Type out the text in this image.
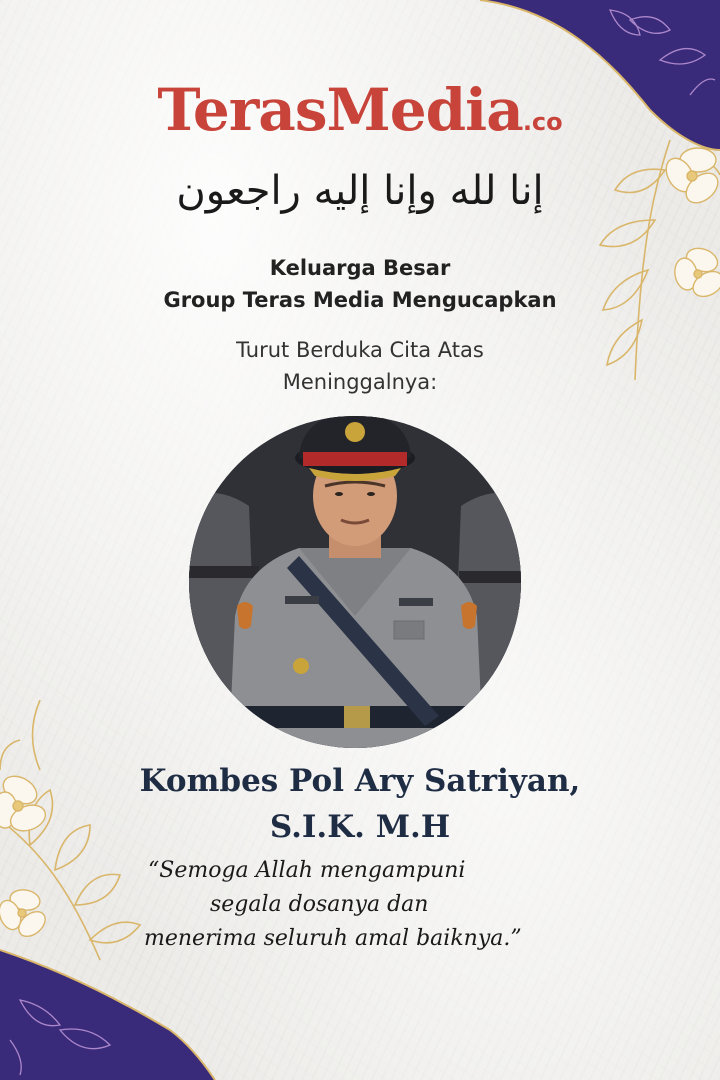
TerasMedia.co
إنا لله وإنا إليه راجعون
Keluarga Besar
Group Teras Media Mengucapkan
Turut Berduka Cita Atas
Meninggalnya:
Kombes Pol Ary Satriyan,
S.I.K. M.H
“Semoga Allah mengampuni
segala dosanya dan
menerima seluruh amal baiknya.”
